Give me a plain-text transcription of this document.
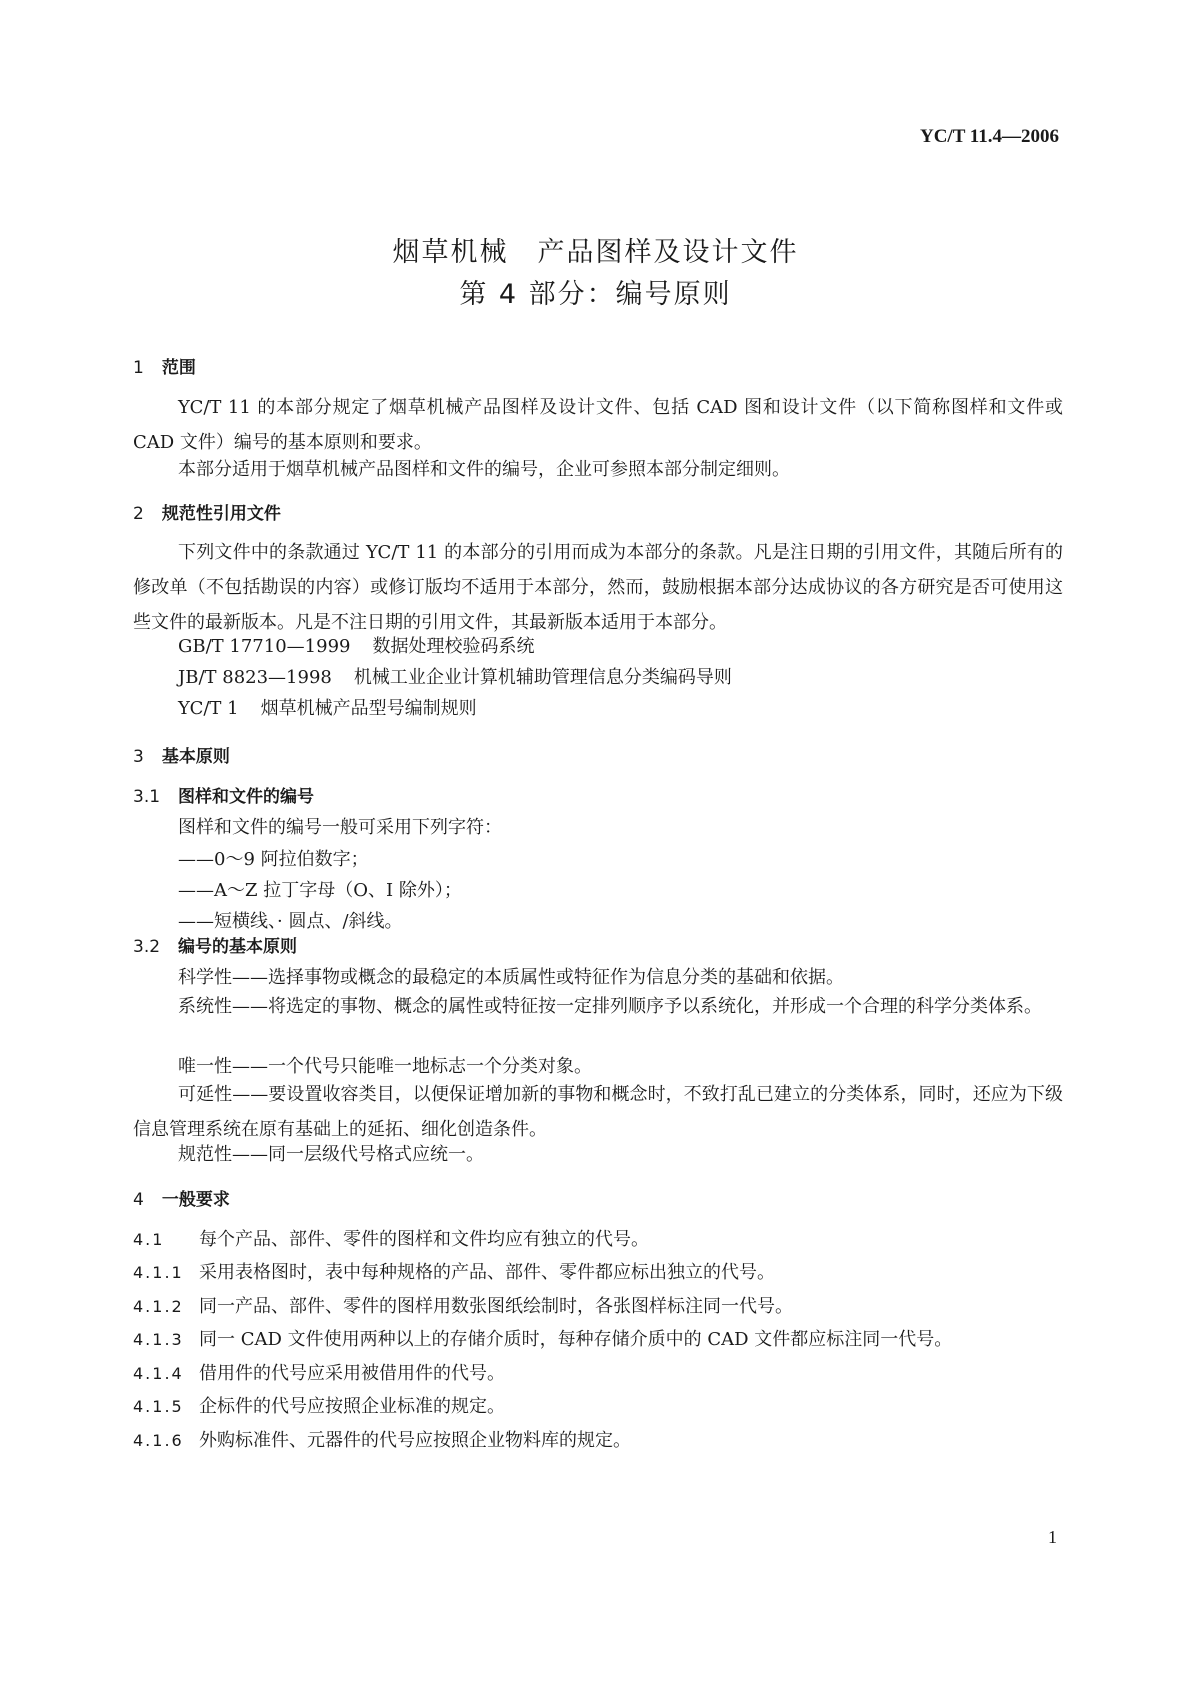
YC/T 11.4—2006
烟草机械　产品图样及设计文件
第 4 部分：编号原则
1 范围
YC/T 11 的本部分规定了烟草机械产品图样及设计文件、包括 CAD 图和设计文件（以下简称图样和文件或 CAD 文件）编号的基本原则和要求。
本部分适用于烟草机械产品图样和文件的编号，企业可参照本部分制定细则。
2 规范性引用文件
下列文件中的条款通过 YC/T 11 的本部分的引用而成为本部分的条款。凡是注日期的引用文件，其随后所有的修改单（不包括勘误的内容）或修订版均不适用于本部分，然而，鼓励根据本部分达成协议的各方研究是否可使用这些文件的最新版本。凡是不注日期的引用文件，其最新版本适用于本部分。
GB/T 17710—1999 数据处理校验码系统
JB/T 8823—1998 机械工业企业计算机辅助管理信息分类编码导则
YC/T 1 烟草机械产品型号编制规则
3 基本原则
3.1 图样和文件的编号
图样和文件的编号一般可采用下列字符：
——0～9 阿拉伯数字；
——A～Z 拉丁字母（O、I 除外）；
——短横线、· 圆点、/斜线。
3.2 编号的基本原则
科学性——选择事物或概念的最稳定的本质属性或特征作为信息分类的基础和依据。
系统性——将选定的事物、概念的属性或特征按一定排列顺序予以系统化，并形成一个合理的科学分类体系。
唯一性——一个代号只能唯一地标志一个分类对象。
可延性——要设置收容类目，以便保证增加新的事物和概念时，不致打乱已建立的分类体系，同时，还应为下级信息管理系统在原有基础上的延拓、细化创造条件。
规范性——同一层级代号格式应统一。
4 一般要求
4.1 每个产品、部件、零件的图样和文件均应有独立的代号。
4.1.1 采用表格图时，表中每种规格的产品、部件、零件都应标出独立的代号。
4.1.2 同一产品、部件、零件的图样用数张图纸绘制时，各张图样标注同一代号。
4.1.3 同一 CAD 文件使用两种以上的存储介质时，每种存储介质中的 CAD 文件都应标注同一代号。
4.1.4 借用件的代号应采用被借用件的代号。
4.1.5 企标件的代号应按照企业标准的规定。
4.1.6 外购标准件、元器件的代号应按照企业物料库的规定。
1
